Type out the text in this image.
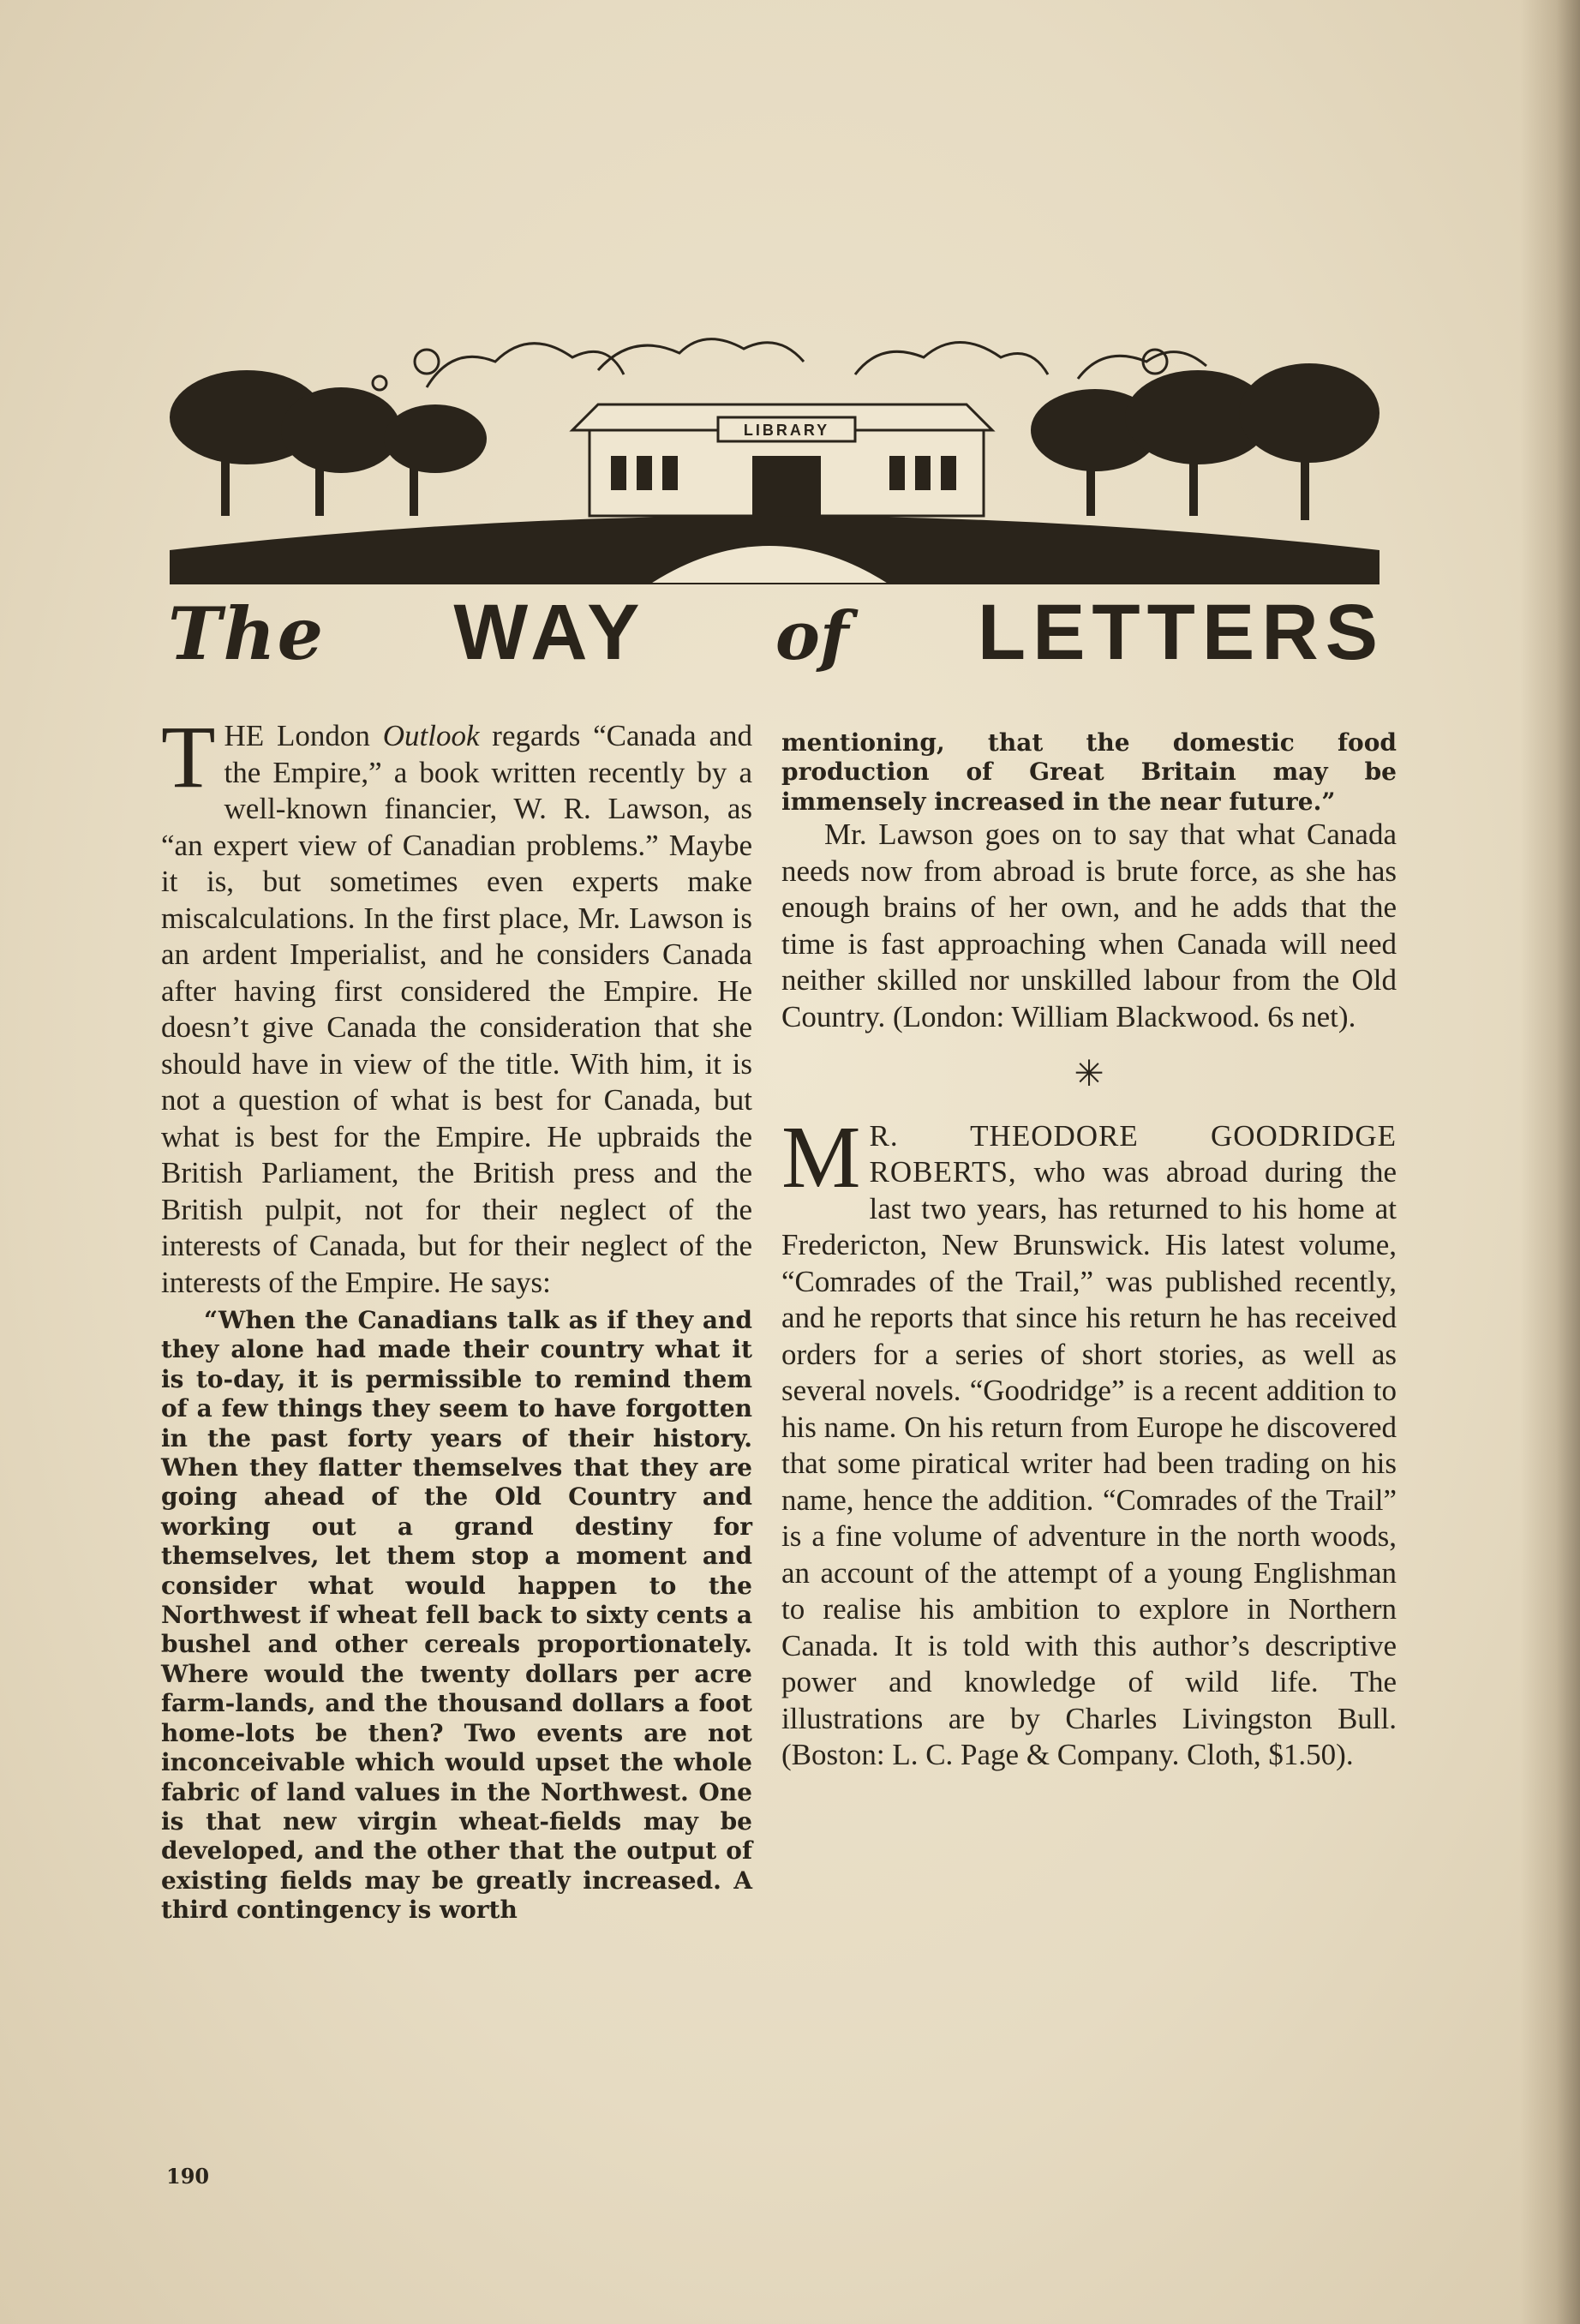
LIBRARY
The WAY of LETTERS

THE London Outlook regards “Canada and the Empire,” a book written recently by a well-known financier, W. R. Lawson, as “an expert view of Canadian problems.” Maybe it is, but sometimes even experts make miscalculations. In the first place, Mr. Lawson is an ardent Imperialist, and he considers Canada after having first considered the Empire. He doesn’t give Canada the consideration that she should have in view of the title. With him, it is not a question of what is best for Canada, but what is best for the Empire. He upbraids the British Parliament, the British press and the British pulpit, not for their neglect of the interests of Canada, but for their neglect of the interests of the Empire. He says:

“When the Canadians talk as if they and they alone had made their country what it is to-day, it is permissible to remind them of a few things they seem to have forgotten in the past forty years of their history. When they flatter themselves that they are going ahead of the Old Country and working out a grand destiny for themselves, let them stop a moment and consider what would happen to the Northwest if wheat fell back to sixty cents a bushel and other cereals proportionately. Where would the twenty dollars per acre farm-lands, and the thousand dollars a foot home-lots be then? Two events are not inconceivable which would upset the whole fabric of land values in the Northwest. One is that new virgin wheat-fields may be developed, and the other that the output of existing fields may be greatly increased. A third contingency is worth

mentioning, that the domestic food production of Great Britain may be immensely increased in the near future.”

Mr. Lawson goes on to say that what Canada needs now from abroad is brute force, as she has enough brains of her own, and he adds that the time is fast approaching when Canada will need neither skilled nor unskilled labour from the Old Country. (London: William Blackwood. 6s net).

✳

M R. THEODORE GOODRIDGE ROBERTS, who was abroad during the last two years, has returned to his home at Fredericton, New Brunswick. His latest volume, “Comrades of the Trail,” was published recently, and he reports that since his return he has received orders for a series of short stories, as well as several novels. “Goodridge” is a recent addition to his name. On his return from Europe he discovered that some piratical writer had been trading on his name, hence the addition. “Comrades of the Trail” is a fine volume of adventure in the north woods, an account of the attempt of a young Englishman to realise his ambition to explore in Northern Canada. It is told with this author’s descriptive power and knowledge of wild life. The illustrations are by Charles Livingston Bull. (Boston: L. C. Page & Company. Cloth, $1.50).

190
